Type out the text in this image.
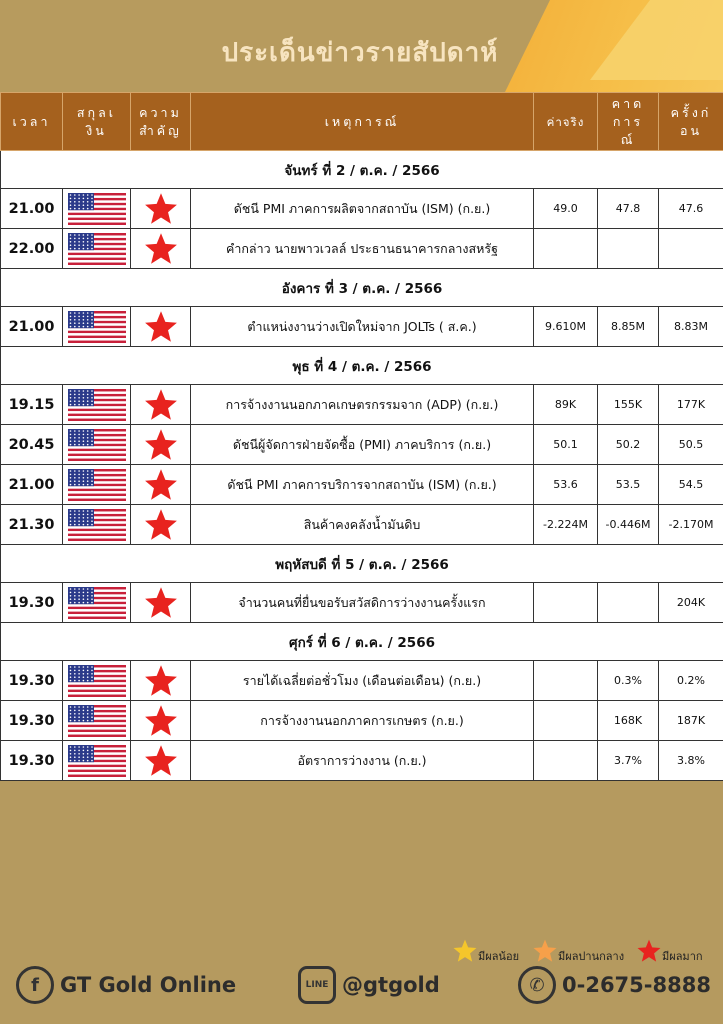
ประเด็นข่าวรายสัปดาห์
เวลา	สกุลเงิน	ความสำคัญ	เหตุการณ์	ค่าจริง	คาดการณ์	ครั้งก่อน

จันทร์ ที่ 2 / ต.ค. / 2566						
21.00			ดัชนี PMI ภาคการผลิตจากสถาบัน (ISM) (ก.ย.)	49.0	47.8	47.6
22.00			คำกล่าว นายพาวเวลล์ ประธานธนาคารกลางสหรัฐ			
อังคาร ที่ 3 / ต.ค. / 2566						
21.00			ตำแหน่งงานว่างเปิดใหม่จาก JOLTs ( ส.ค.)	9.610M	8.85M	8.83M
พุธ ที่ 4 / ต.ค. / 2566						
19.15			การจ้างงานนอกภาคเกษตรกรรมจาก (ADP) (ก.ย.)	89K	155K	177K
20.45			ดัชนีผู้จัดการฝ่ายจัดซื้อ (PMI) ภาคบริการ (ก.ย.)	50.1	50.2	50.5
21.00			ดัชนี PMI ภาคการบริการจากสถาบัน (ISM) (ก.ย.)	53.6	53.5	54.5
21.30			สินค้าคงคลังน้ำมันดิบ	-2.224M	-0.446M	-2.170M
พฤหัสบดี ที่ 5 / ต.ค. / 2566						
19.30			จำนวนคนที่ยื่นขอรับสวัสดิการว่างงานครั้งแรก			204K
ศุกร์ ที่ 6 / ต.ค. / 2566						
19.30			รายได้เฉลี่ยต่อชั่วโมง (เดือนต่อเดือน) (ก.ย.)		0.3%	0.2%
19.30			การจ้างงานนอกภาคการเกษตร (ก.ย.)		168K	187K
19.30			อัตราการว่างงาน (ก.ย.)		3.7%	3.8%
มีผลน้อย	มีผลปานกลาง	มีผลมาก
f	GT Gold Online	LINE @gtgold	✆ 0-2675-8888
